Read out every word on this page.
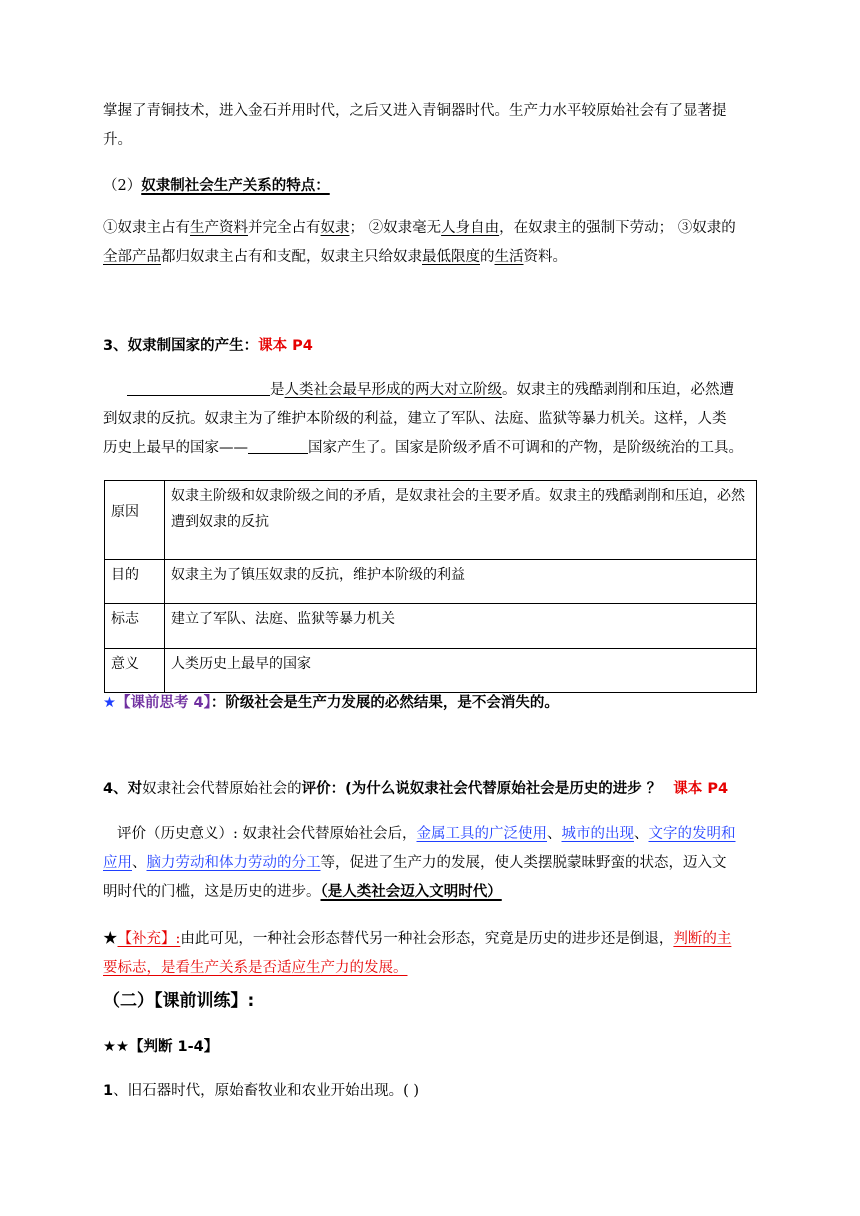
掌握了青铜技术，进入金石并用时代，之后又进入青铜器时代。生产力水平较原始社会有了显著提

升。

（2）奴隶制社会生产关系的特点：

①奴隶主占有生产资料并完全占有奴隶； ②奴隶毫无人身自由，在奴隶主的强制下劳动； ③奴隶的

全部产品都归奴隶主占有和支配，奴隶主只给奴隶最低限度的生活资料。

3、奴隶制国家的产生：课本 P4

是人类社会最早形成的两大对立阶级。奴隶主的残酷剥削和压迫，必然遭

到奴隶的反抗。奴隶主为了维护本阶级的利益，建立了军队、法庭、监狱等暴力机关。这样，人类

历史上最早的国家——	国家产生了。国家是阶级矛盾不可调和的产物，是阶级统治的工具。

原因	奴隶主阶级和奴隶阶级之间的矛盾，是奴隶社会的主要矛盾。奴隶主的残酷剥削和压迫，必然遭到奴隶的反抗
目的	奴隶主为了镇压奴隶的反抗，维护本阶级的利益
标志	建立了军队、法庭、监狱等暴力机关
意义	人类历史上最早的国家
★【课前思考 4】：阶级社会是生产力发展的必然结果，是不会消失的。
4、对奴隶社会代替原始社会的评价：(为什么说奴隶社会代替原始社会是历史的进步 ？ 课本 P4

评价（历史意义）: 奴隶社会代替原始社会后，金属工具的广泛使用、城市的出现、文字的发明和

应用、脑力劳动和体力劳动的分工等，促进了生产力的发展，使人类摆脱蒙昧野蛮的状态，迈入文

明时代的门槛，这是历史的进步。（是人类社会迈入文明时代）

★【补充】:由此可见，一种社会形态替代另一种社会形态，究竟是历史的进步还是倒退，判断的主

要标志，是看生产关系是否适应生产力的发展。

（二）【课前训练】:
★★【判断 1-4】
1、旧石器时代，原始畜牧业和农业开始出现。( )
